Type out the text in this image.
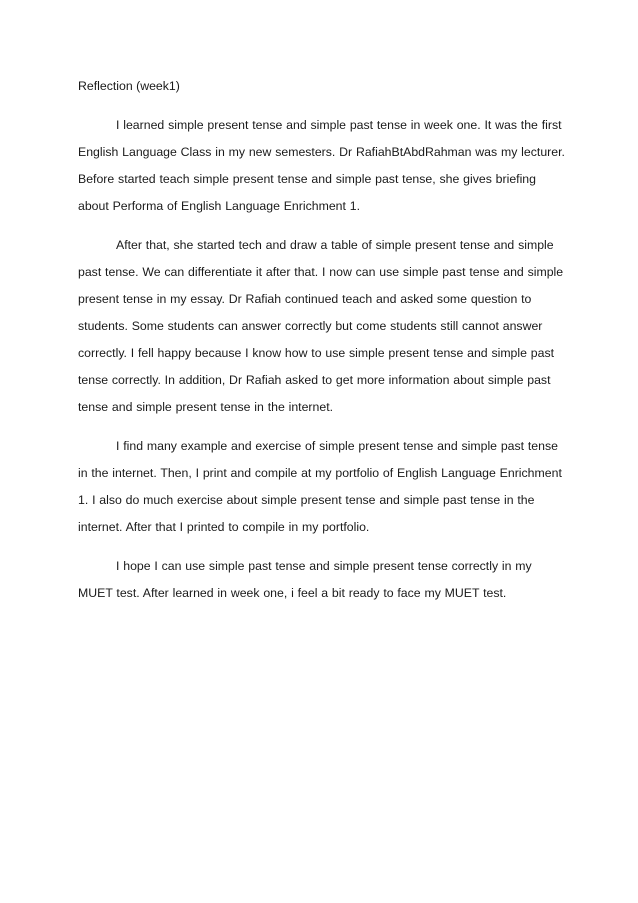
Reflection (week1)

I learned simple present tense and simple past tense in week one. It was the first English Language Class in my new semesters. Dr RafiahBtAbdRahman was my lecturer. Before started teach simple present tense and simple past tense, she gives briefing about Performa of English Language Enrichment 1.

After that, she started tech and draw a table of simple present tense and simple past tense. We can differentiate it after that. I now can use simple past tense and simple present tense in my essay. Dr Rafiah continued teach and asked some question to students. Some students can answer correctly but come students still cannot answer correctly. I fell happy because I know how to use simple present tense and simple past tense correctly. In addition, Dr Rafiah asked to get more information about simple past tense and simple present tense in the internet.

I find many example and exercise of simple present tense and simple past tense in the internet. Then, I print and compile at my portfolio of English Language Enrichment 1. I also do much exercise about simple present tense and simple past tense in the internet. After that I printed to compile in my portfolio.

I hope I can use simple past tense and simple present tense correctly in my MUET test. After learned in week one, i feel a bit ready to face my MUET test.
